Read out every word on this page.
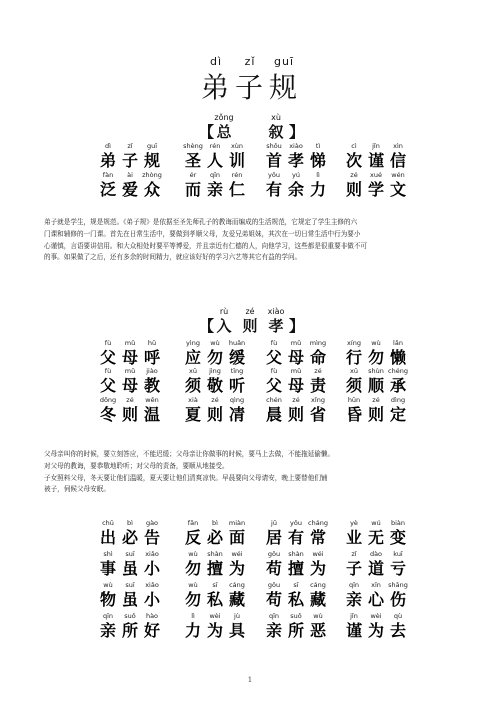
dì zǐ guī
弟 子 规
zǒng	xù
【 总 叙 】
dì
弟
zǐ
子
guī
规
shèng
圣
rén
人
xùn
训
shǒu
首
xiào
孝
tì
悌
cì
次
jǐn
谨
xìn
信
fàn
泛
ài
爱
zhòng
众
ér
而
qīn
亲
rén
仁
yǒu
有
yú
余
lì
力
zé
则
xué
学
wén
文
fù
父
mǔ
母
hū
呼
yìng
应
wù
勿
huǎn
缓
fù
父
mǔ
母
mìng
命
xíng
行
wù
勿
lǎn
懒
fù
父
mǔ
母
jiào
教
xū
须
jìng
敬
tīng
听
fù
父
mǔ
母
zé
责
xū
须
shùn
顺
chéng
承
dōng
冬
zé
则
wēn
温
xià
夏
zé
则
qìng
凊
chén
晨
zé
则
xǐng
省
hūn
昏
zé
则
dìng
定
chū
出
bì
必
gào
告
fǎn
反
bì
必
miàn
面
jū
居
yǒu
有
cháng
常
yè
业
wú
无
biàn
变
shì
事
suī
虽
xiǎo
小
wù
勿
shàn
擅
wéi
为
gǒu
苟
shàn
擅
wéi
为
zǐ
子
dào
道
kuī
亏
wù
物
suī
虽
xiǎo
小
wù
勿
sī
私
cáng
藏
gǒu
苟
sī
私
cáng
藏
qīn
亲
xīn
心
shāng
伤
qīn
亲
suǒ
所
hào
好
lì
力
wèi
为
jù
具
qīn
亲
suǒ
所
wù
恶
jǐn
谨
wèi
为
qù
去
弟子就是学生，规是规范。《弟子规》是依据至圣先师孔子的教诲而编成的生活规范，它规定了学生主修的六
门课和辅修的一门课。首先在日常生活中，要做到孝顺父母，友爱兄弟姐妹，其次在一切日常生活中行为要小
心谨慎，言语要讲信用。和大众相处时要平等博爱，并且亲近有仁德的人，向他学习，这些都是很重要非做不可
的事。如果做了之后，还有多余的时间精力，就应该好好的学习六艺等其它有益的学问。
rù zé xiào
【 入 则 孝 】
父母亲叫你的时候，要立刻答应，不能迟缓；父母亲让你做事的时候，要马上去做，不能拖延偷懒。
对父母的教诲，要恭敬地聆听；对父母的责备，要顺从地接受。
子女照料父母，冬天要让他们温暖，夏天要让他们清爽凉快。早晨要向父母请安，晚上要替他们铺
被子，伺候父母安眠。
1
